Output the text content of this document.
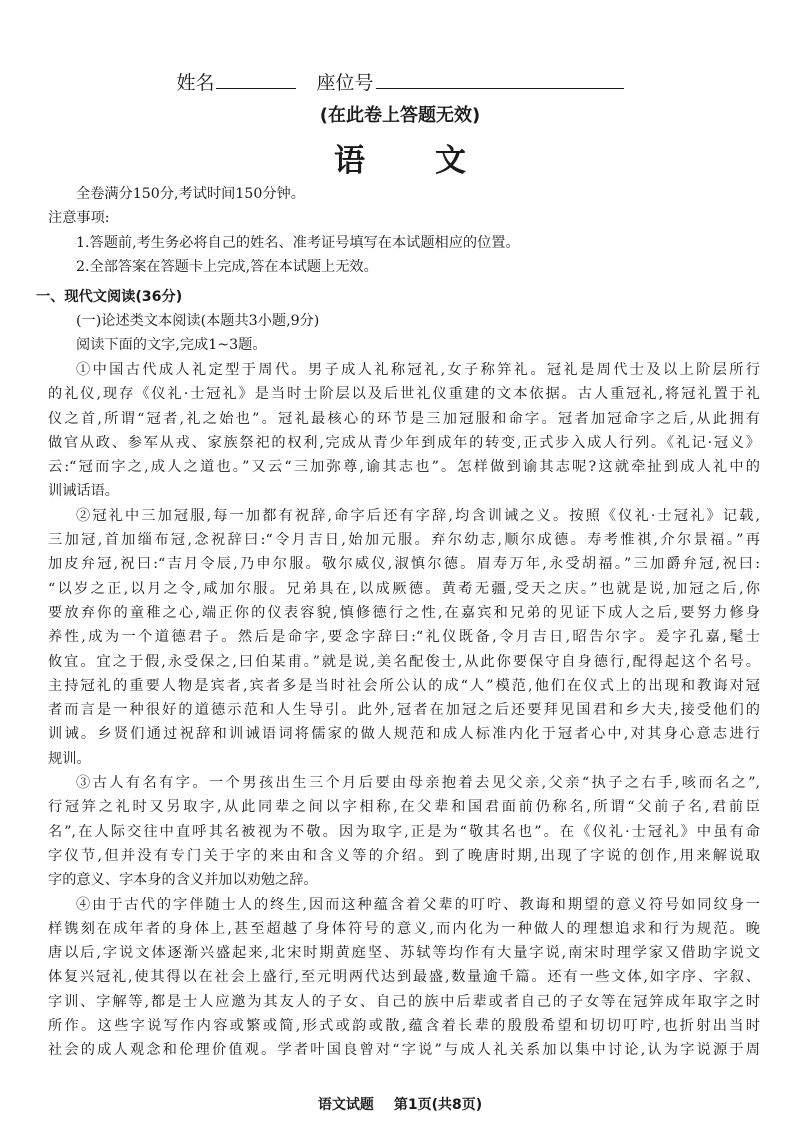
姓名	座位号
(在此卷上答题无效)
语文
全卷满分150分,考试时间150分钟。
注意事项:
1.答题前,考生务必将自己的姓名、准考证号填写在本试题相应的位置。
2.全部答案在答题卡上完成,答在本试题上无效。
一、现代文阅读(36分)
(一)论述类文本阅读(本题共3小题,9分)
阅读下面的文字,完成1~3题。
①中国古代成人礼定型于周代。男子成人礼称冠礼,女子称笄礼。冠礼是周代士及以上阶层所行
的礼仪,现存《仪礼·士冠礼》是当时士阶层以及后世礼仪重建的文本依据。古人重冠礼,将冠礼置于礼
仪之首,所谓“冠者,礼之始也”。冠礼最核心的环节是三加冠服和命字。冠者加冠命字之后,从此拥有
做官从政、参军从戎、家族祭祀的权利,完成从青少年到成年的转变,正式步入成人行列。《礼记·冠义》
云:“冠而字之,成人之道也。”又云“三加弥尊,谕其志也”。怎样做到谕其志呢?这就牵扯到成人礼中的
训诫话语。
②冠礼中三加冠服,每一加都有祝辞,命字后还有字辞,均含训诫之义。按照《仪礼·士冠礼》记载,
三加冠,首加缁布冠,念祝辞曰:“令月吉日,始加元服。弃尔幼志,顺尔成德。寿考惟祺,介尔景福。”再
加皮弁冠,祝曰:“吉月令辰,乃申尔服。敬尔威仪,淑慎尔德。眉寿万年,永受胡福。”三加爵弁冠,祝曰:
“以岁之正,以月之令,咸加尔服。兄弟具在,以成厥德。黄耇无疆,受天之庆。”也就是说,加冠之后,你
要放弃你的童稚之心,端正你的仪表容貌,慎修德行之性,在嘉宾和兄弟的见证下成人之后,要努力修身
养性,成为一个道德君子。然后是命字,要念字辞曰:“礼仪既备,令月吉日,昭告尔字。爰字孔嘉,髦士
攸宜。宜之于假,永受保之,曰伯某甫。”就是说,美名配俊士,从此你要保守自身德行,配得起这个名号。
主持冠礼的重要人物是宾者,宾者多是当时社会所公认的成“人”模范,他们在仪式上的出现和教诲对冠
者而言是一种很好的道德示范和人生导引。此外,冠者在加冠之后还要拜见国君和乡大夫,接受他们的
训诫。乡贤们通过祝辞和训诫语词将儒家的做人规范和成人标准内化于冠者心中,对其身心意志进行
规训。
③古人有名有字。一个男孩出生三个月后要由母亲抱着去见父亲,父亲“执子之右手,咳而名之”,
行冠笄之礼时又另取字,从此同辈之间以字相称,在父辈和国君面前仍称名,所谓“父前子名,君前臣
名”,在人际交往中直呼其名被视为不敬。因为取字,正是为“敬其名也”。在《仪礼·士冠礼》中虽有命
字仪节,但并没有专门关于字的来由和含义等的介绍。到了晚唐时期,出现了字说的创作,用来解说取
字的意义、字本身的含义并加以劝勉之辞。
④由于古代的字伴随士人的终生,因而这种蕴含着父辈的叮咛、教诲和期望的意义符号如同纹身一
样镌刻在成年者的身体上,甚至超越了身体符号的意义,而内化为一种做人的理想追求和行为规范。晚
唐以后,字说文体逐渐兴盛起来,北宋时期黄庭坚、苏轼等均作有大量字说,南宋时理学家又借助字说文
体复兴冠礼,使其得以在社会上盛行,至元明两代达到最盛,数量逾千篇。还有一些文体,如字序、字叙、
字训、字解等,都是士人应邀为其友人的子女、自己的族中后辈或者自己的子女等在冠笄成年取字之时
所作。这些字说写作内容或繁或简,形式或韵或散,蕴含着长辈的殷殷希望和切切叮咛,也折射出当时
社会的成人观念和伦理价值观。学者叶国良曾对“字说”与成人礼关系加以集中讨论,认为字说源于周
语文试题 第1页(共8页)
